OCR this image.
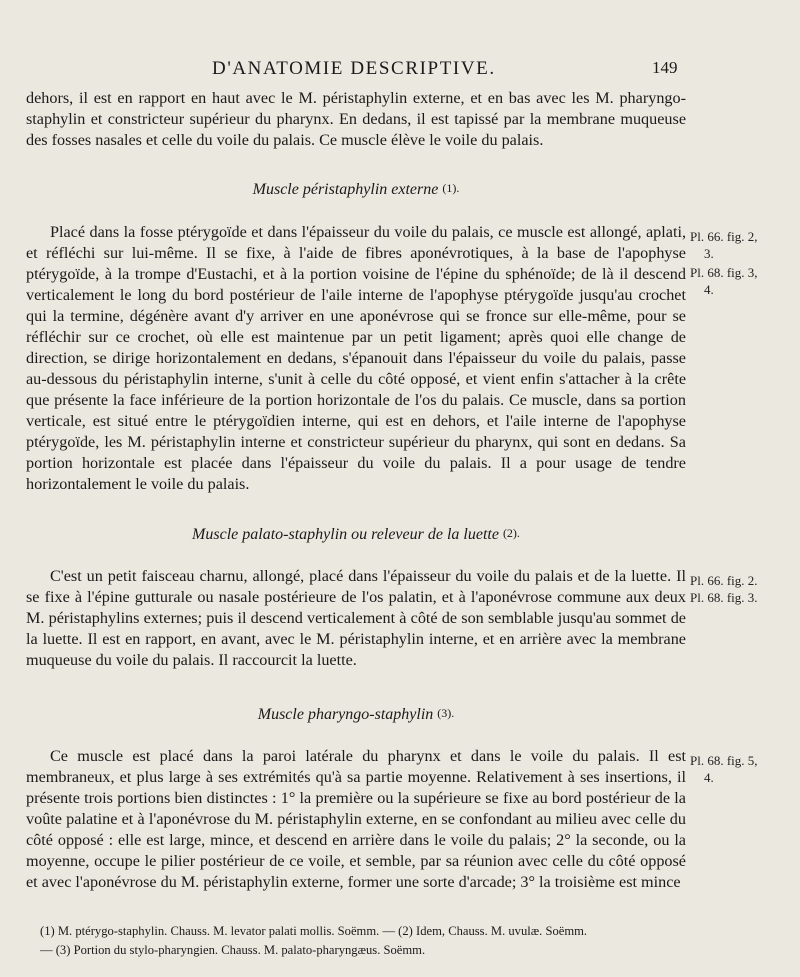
D'ANATOMIE DESCRIPTIVE.	149

dehors, il est en rapport en haut avec le M. péristaphylin externe, et en bas avec les M. pharyngo-staphylin et constricteur supérieur du pharynx. En dedans, il est tapissé par la membrane muqueuse des fosses nasales et celle du voile du palais. Ce muscle élève le voile du palais.

Muscle péristaphylin externe (1).

Placé dans la fosse ptérygoïde et dans l'épaisseur du voile du palais, ce muscle est allongé, aplati, et réfléchi sur lui-même. Il se fixe, à l'aide de fibres aponévrotiques, à la base de l'apophyse ptérygoïde, à la trompe d'Eustachi, et à la portion voisine de l'épine du sphénoïde; de là il descend verticalement le long du bord postérieur de l'aile interne de l'apophyse ptérygoïde jusqu'au crochet qui la termine, dégénère avant d'y arriver en une aponévrose qui se fronce sur elle-même, pour se réfléchir sur ce crochet, où elle est maintenue par un petit ligament; après quoi elle change de direction, se dirige horizontalement en dedans, s'épanouit dans l'épaisseur du voile du palais, passe au-dessous du péristaphylin interne, s'unit à celle du côté opposé, et vient enfin s'attacher à la crête que présente la face inférieure de la portion horizontale de l'os du palais. Ce muscle, dans sa portion verticale, est situé entre le ptérygoïdien interne, qui est en dehors, et l'aile interne de l'apophyse ptérygoïde, les M. péristaphylin interne et constricteur supérieur du pharynx, qui sont en dedans. Sa portion horizontale est placée dans l'épaisseur du voile du palais. Il a pour usage de tendre horizontalement le voile du palais.

Pl. 66. fig. 2,
3.
Pl. 68. fig. 3,
4.
Muscle palato-staphylin ou releveur de la luette (2).

C'est un petit faisceau charnu, allongé, placé dans l'épaisseur du voile du palais et de la luette. Il se fixe à l'épine gutturale ou nasale postérieure de l'os palatin, et à l'aponévrose commune aux deux M. péristaphylins externes; puis il descend verticalement à côté de son semblable jusqu'au sommet de la luette. Il est en rapport, en avant, avec le M. péristaphylin interne, et en arrière avec la membrane muqueuse du voile du palais. Il raccourcit la luette.

Pl. 66. fig. 2.
Pl. 68. fig. 3.
Muscle pharyngo-staphylin (3).

Ce muscle est placé dans la paroi latérale du pharynx et dans le voile du palais. Il est membraneux, et plus large à ses extrémités qu'à sa partie moyenne. Relativement à ses insertions, il présente trois portions bien distinctes : 1° la première ou la supérieure se fixe au bord postérieur de la voûte palatine et à l'aponévrose du M. péristaphylin externe, en se confondant au milieu avec celle du côté opposé : elle est large, mince, et descend en arrière dans le voile du palais; 2° la seconde, ou la moyenne, occupe le pilier postérieur de ce voile, et semble, par sa réunion avec celle du côté opposé et avec l'aponévrose du M. péristaphylin externe, former une sorte d'arcade; 3° la troisième est mince

Pl. 68. fig. 5,
4.
(1) M. ptérygo-staphylin. Chauss. M. levator palati mollis. Soëmm. — (2) Idem, Chauss. M. uvulæ. Soëmm.
— (3) Portion du stylo-pharyngien. Chauss. M. palato-pharyngæus. Soëmm.
